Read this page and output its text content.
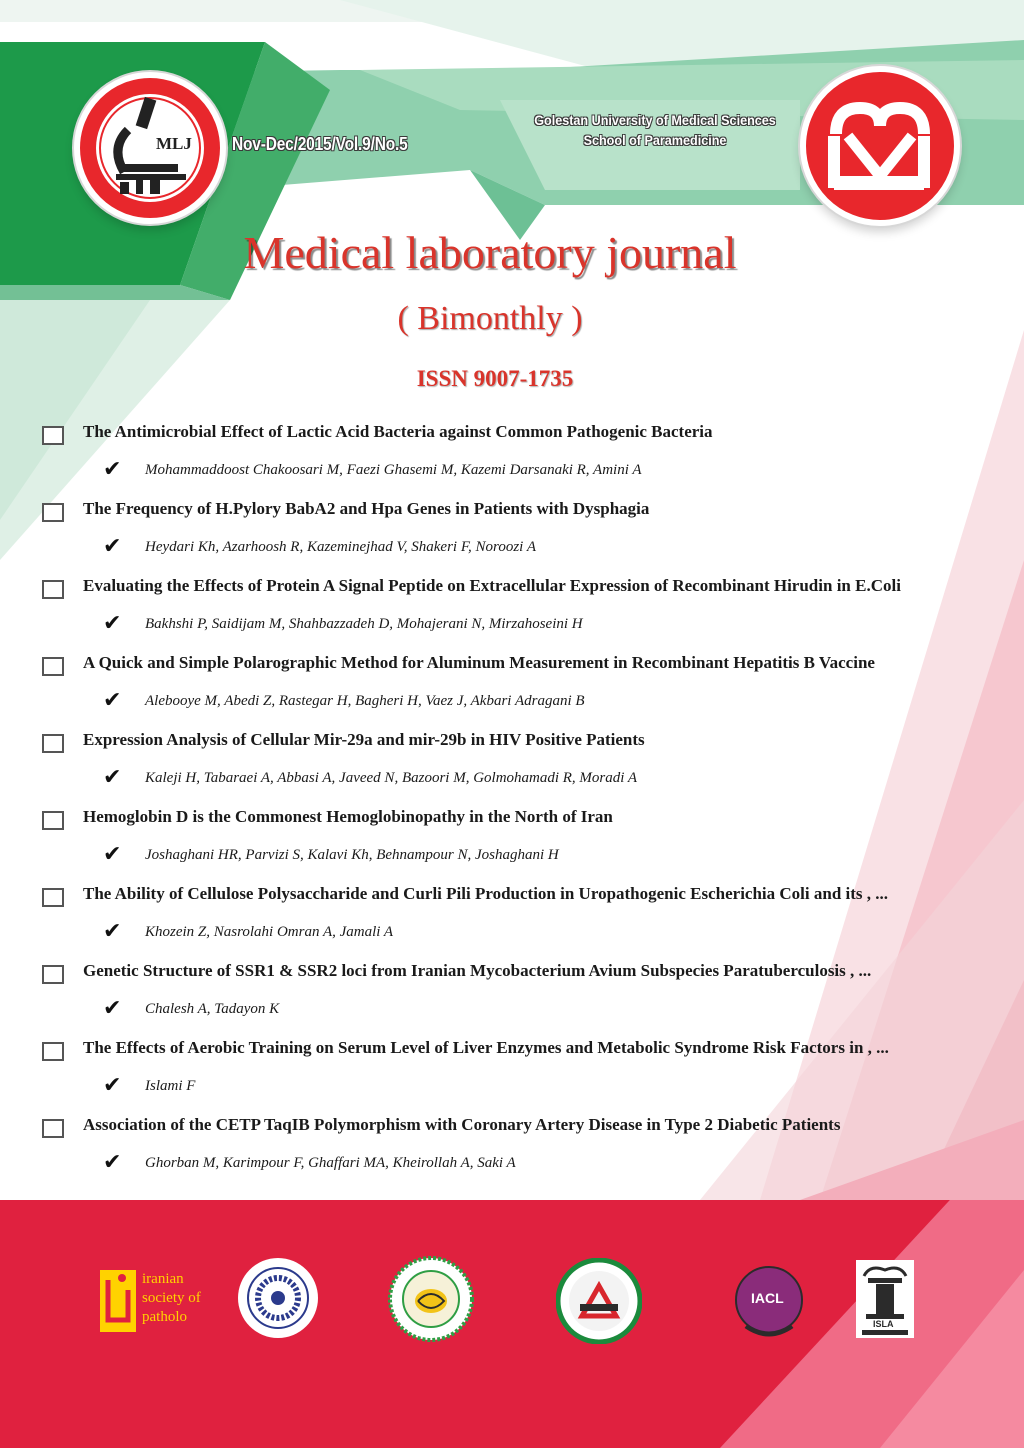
MLJ Nov-Dec/2015/Vol.9/No.5
Golestan University of Medical Sciences
School of Paramedicine
Medical laboratory journal
( Bimonthly )
ISSN 9007-1735
The Antimicrobial Effect of Lactic Acid Bacteria against Common Pathogenic Bacteria
✔ Mohammaddoost Chakoosari M, Faezi Ghasemi M, Kazemi Darsanaki R, Amini A
The Frequency of H.Pylory BabA2 and Hpa Genes in Patients with Dysphagia
✔ Heydari Kh, Azarhoosh R, Kazeminejhad V, Shakeri F, Noroozi A
Evaluating the Effects of Protein A Signal Peptide on Extracellular Expression of Recombinant Hirudin in E.Coli
✔ Bakhshi P, Saidijam M, Shahbazzadeh D, Mohajerani N, Mirzahoseini H
A Quick and Simple Polarographic Method for Aluminum Measurement in Recombinant Hepatitis B Vaccine
✔ Alebooye M, Abedi Z, Rastegar H, Bagheri H, Vaez J, Akbari Adragani B
Expression Analysis of Cellular Mir-29a and mir-29b in HIV Positive Patients
✔ Kaleji H, Tabaraei A, Abbasi A, Javeed N, Bazoori M, Golmohamadi R, Moradi A
Hemoglobin D is the Commonest Hemoglobinopathy in the North of Iran
✔ Joshaghani HR, Parvizi S, Kalavi Kh, Behnampour N, Joshaghani H
The Ability of Cellulose Polysaccharide and Curli Pili Production in Uropathogenic Escherichia Coli and its , ...
✔ Khozein Z, Nasrolahi Omran A, Jamali A
Genetic Structure of SSR1 & SSR2 loci from Iranian Mycobacterium Avium Subspecies Paratuberculosis , ...
✔ Chalesh A, Tadayon K
The Effects of Aerobic Training on Serum Level of Liver Enzymes and Metabolic Syndrome Risk Factors in , ...
✔ Islami F
Association of the CETP TaqIB Polymorphism with Coronary Artery Disease in Type 2 Diabetic Patients
✔ Ghorban M, Karimpour F, Ghaffari MA, Kheirollah A, Saki A
iranian
society of
patholo
IACL
ISLA
